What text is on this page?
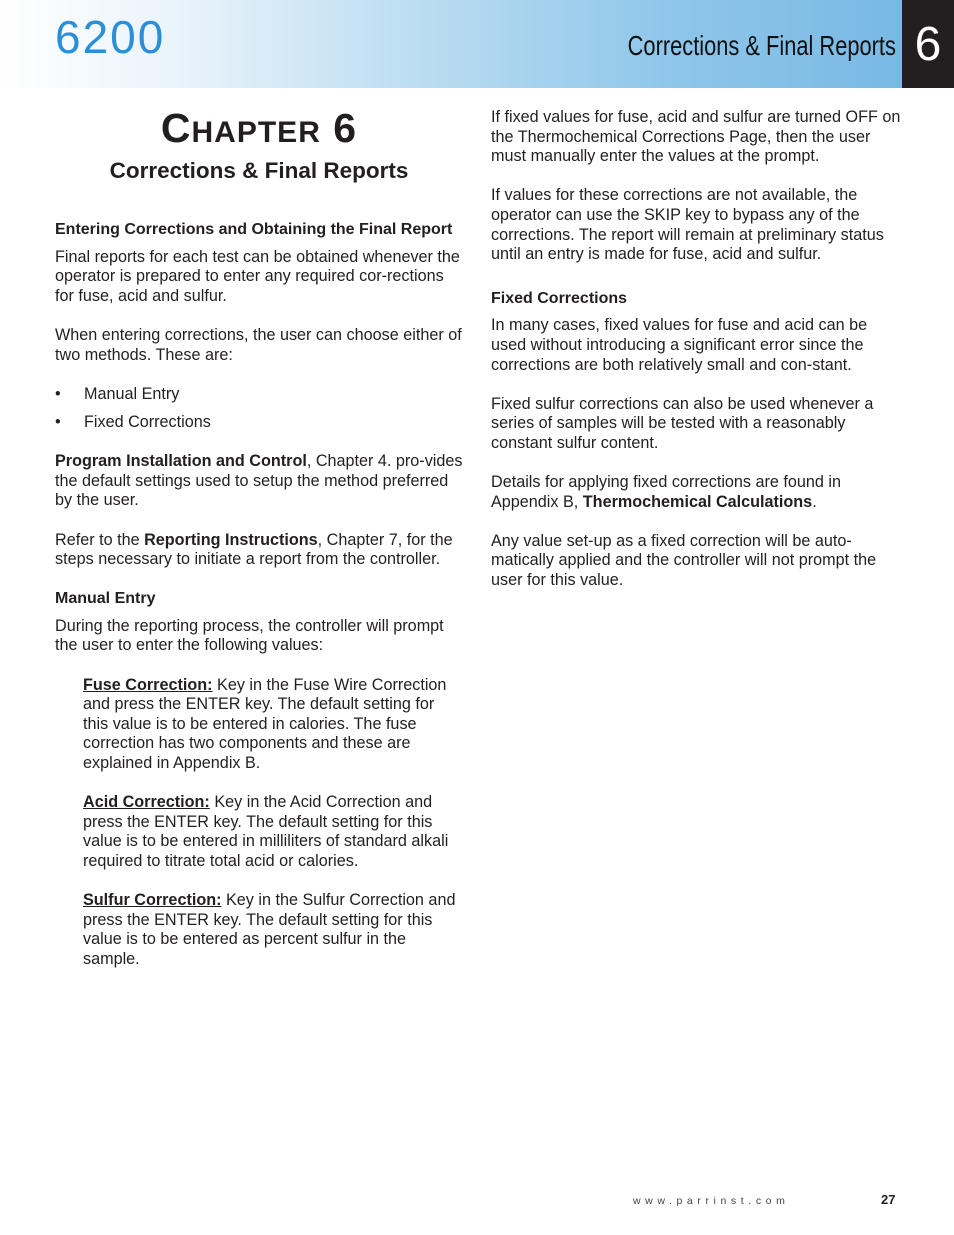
6200	Corrections & Final Reports 6
CHAPTER 6
Corrections & Final Reports
Entering Corrections and Obtaining the Final Report

Final reports for each test can be obtained whenever the operator is prepared to enter any required cor-rections for fuse, acid and sulfur.

When entering corrections, the user can choose either of two methods. These are:

• Manual Entry
• Fixed Corrections

Program Installation and Control, Chapter 4. pro-vides the default settings used to setup the method preferred by the user.

Refer to the Reporting Instructions, Chapter 7, for the steps necessary to initiate a report from the controller.

Manual Entry

During the reporting process, the controller will prompt the user to enter the following values:

Fuse Correction: Key in the Fuse Wire Correction and press the ENTER key. The default setting for this value is to be entered in calories. The fuse correction has two components and these are explained in Appendix B.

Acid Correction: Key in the Acid Correction and press the ENTER key. The default setting for this value is to be entered in milliliters of standard alkali required to titrate total acid or calories.

Sulfur Correction: Key in the Sulfur Correction and press the ENTER key. The default setting for this value is to be entered as percent sulfur in the sample.

If fixed values for fuse, acid and sulfur are turned OFF on the Thermochemical Corrections Page, then the user must manually enter the values at the prompt.

If values for these corrections are not available, the operator can use the SKIP key to bypass any of the corrections. The report will remain at preliminary status until an entry is made for fuse, acid and sulfur.

Fixed Corrections

In many cases, fixed values for fuse and acid can be used without introducing a significant error since the corrections are both relatively small and con-stant.

Fixed sulfur corrections can also be used whenever a series of samples will be tested with a reasonably constant sulfur content.

Details for applying fixed corrections are found in Appendix B, Thermochemical Calculations.

Any value set-up as a fixed correction will be auto-matically applied and the controller will not prompt the user for this value.

www.parrinst.com	27
